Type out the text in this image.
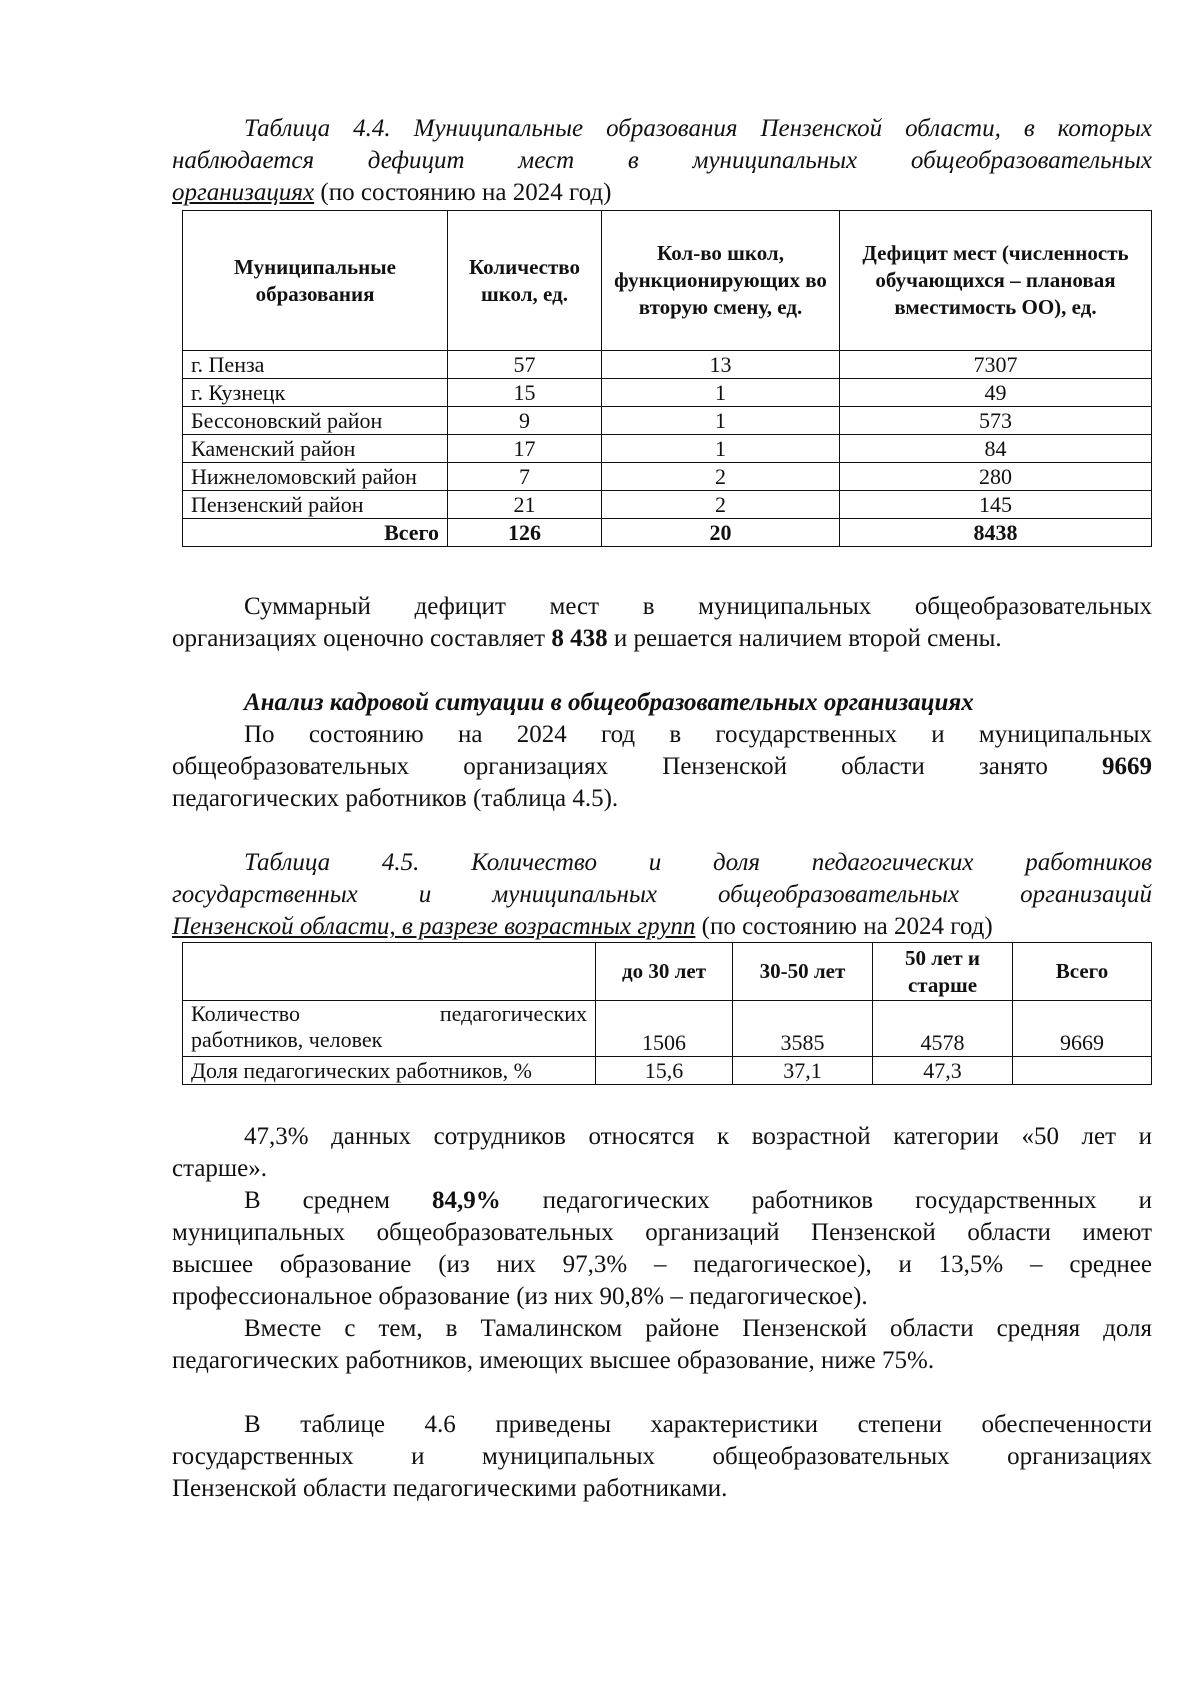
Таблица 4.4. Муниципальные образования Пензенской области, в которых
наблюдается дефицит мест в муниципальных общеобразовательных
организациях (по состоянию на 2024 год)
Муниципальные образования	Количество школ, ед.	Кол-во школ, функционирующих во вторую смену, ед.	Дефицит мест (численность обучающихся – плановая вместимость ОО), ед.
г. Пенза	57	13	7307
г. Кузнецк	15	1	49
Бессоновский район	9	1	573
Каменский район	17	1	84
Нижнеломовский район	7	2	280
Пензенский район	21	2	145
Всего	126	20	8438
Суммарный дефицит мест в муниципальных общеобразовательных
организациях оценочно составляет 8 438 и решается наличием второй смены.
Анализ кадровой ситуации в общеобразовательных организациях
По состоянию на 2024 год в государственных и муниципальных
общеобразовательных организациях Пензенской области занято 9669
педагогических работников (таблица 4.5).
Таблица 4.5. Количество и доля педагогических работников
государственных и муниципальных общеобразовательных организаций
Пензенской области, в разрезе возрастных групп (по состоянию на 2024 год)
	до 30 лет	30-50 лет	50 лет и старше	Всего

Количество педагогических
работников, человек	1506	3585	4578	9669
Доля педагогических работников, %	15,6	37,1	47,3	
47,3% данных сотрудников относятся к возрастной категории «50 лет и
старше».
В среднем 84,9% педагогических работников государственных и
муниципальных общеобразовательных организаций Пензенской области имеют
высшее образование (из них 97,3% – педагогическое), и 13,5% – среднее
профессиональное образование (из них 90,8% – педагогическое).
Вместе с тем, в Тамалинском районе Пензенской области средняя доля
педагогических работников, имеющих высшее образование, ниже 75%.
В таблице 4.6 приведены характеристики степени обеспеченности
государственных и муниципальных общеобразовательных организациях
Пензенской области педагогическими работниками.
